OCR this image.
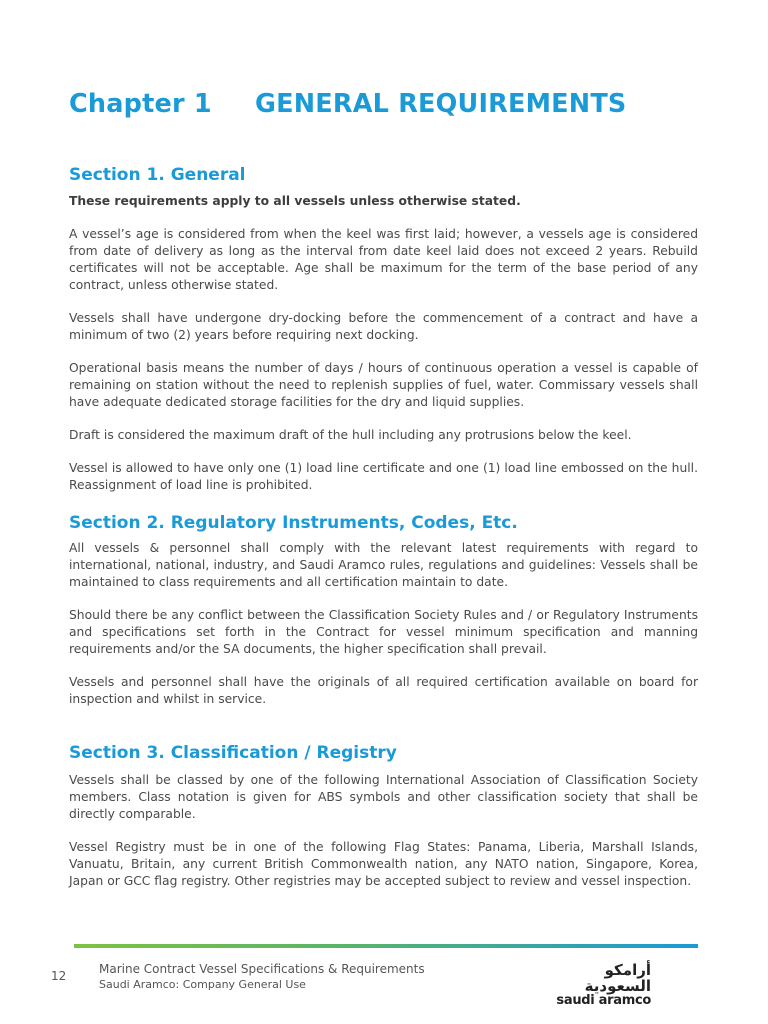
Chapter 1 GENERAL REQUIREMENTS
Section 1. General

These requirements apply to all vessels unless otherwise stated.

A vessel’s age is considered from when the keel was first laid; however, a vessels age is considered from date of delivery as long as the interval from date keel laid does not exceed 2 years. Rebuild certificates will not be acceptable. Age shall be maximum for the term of the base period of any contract, unless otherwise stated.

Vessels shall have undergone dry-docking before the commencement of a contract and have a minimum of two (2) years before requiring next docking.

Operational basis means the number of days / hours of continuous operation a vessel is capable of remaining on station without the need to replenish supplies of fuel, water. Commissary vessels shall have adequate dedicated storage facilities for the dry and liquid supplies.

Draft is considered the maximum draft of the hull including any protrusions below the keel.

Vessel is allowed to have only one (1) load line certificate and one (1) load line embossed on the hull. Reassignment of load line is prohibited.

Section 2. Regulatory Instruments, Codes, Etc.

All vessels & personnel shall comply with the relevant latest requirements with regard to international, national, industry, and Saudi Aramco rules, regulations and guidelines: Vessels shall be maintained to class requirements and all certification maintain to date.

Should there be any conflict between the Classification Society Rules and / or Regulatory Instruments and specifications set forth in the Contract for vessel minimum specification and manning requirements and/or the SA documents, the higher specification shall prevail.

Vessels and personnel shall have the originals of all required certification available on board for inspection and whilst in service.

Section 3. Classification / Registry

Vessels shall be classed by one of the following International Association of Classification Society members. Class notation is given for ABS symbols and other classification society that shall be directly comparable.

Vessel Registry must be in one of the following Flag States: Panama, Liberia, Marshall Islands, Vanuatu, Britain, any current British Commonwealth nation, any NATO nation, Singapore, Korea, Japan or GCC flag registry. Other registries may be accepted subject to review and vessel inspection.

12	Marine Contract Vessel Specifications & Requirements
Saudi Aramco: Company General Use
أرامكو السعودية
saudi aramco
